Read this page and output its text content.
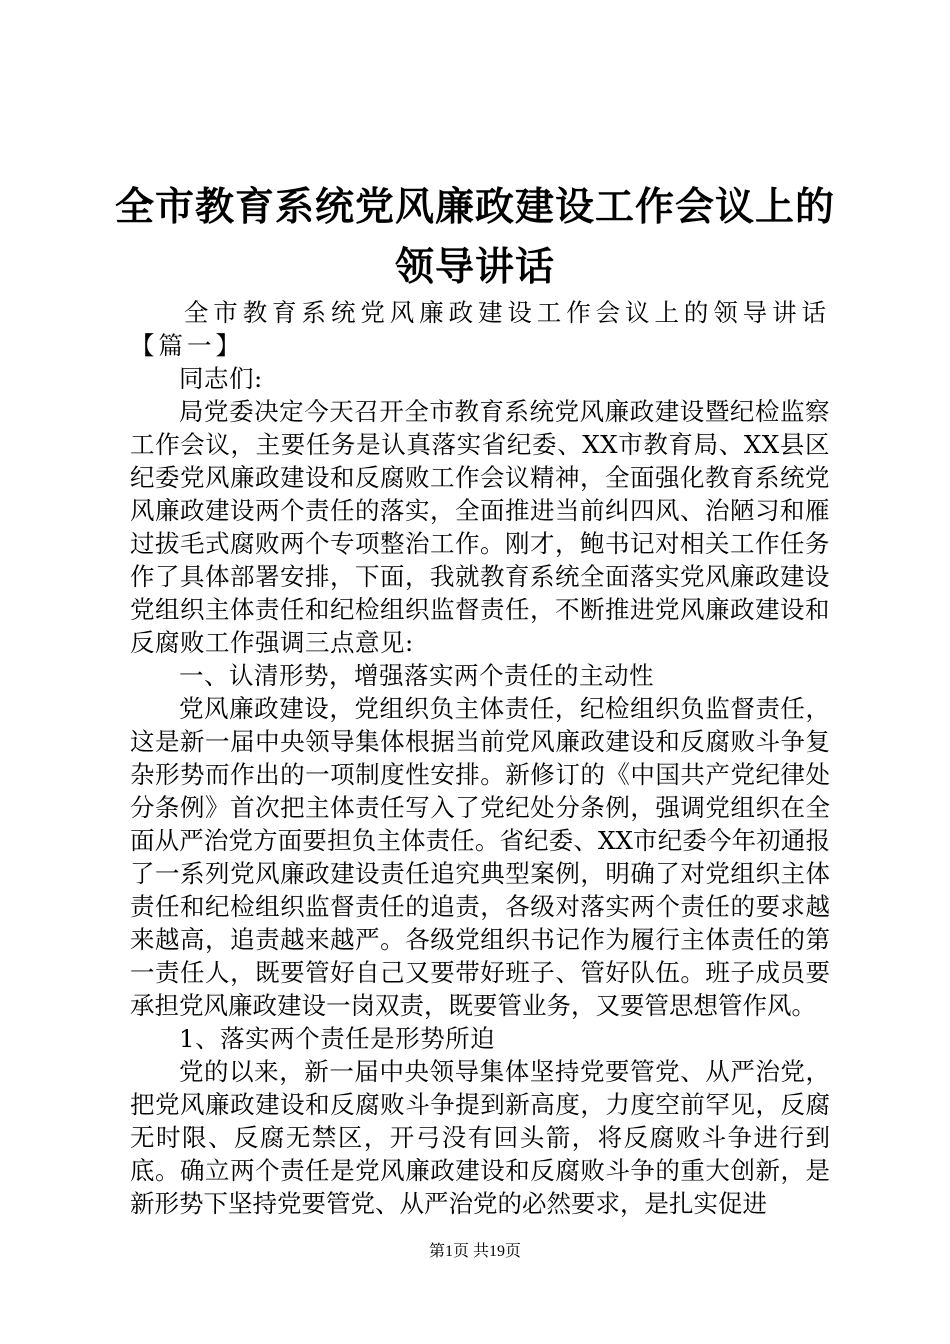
全市教育系统党风廉政建设工作会议上的领导讲话

全市教育系统党风廉政建设工作会议上的领导讲话【篇一】

同志们:

局党委决定今天召开全市教育系统党风廉政建设暨纪检监察工作会议，主要任务是认真落实省纪委、XX市教育局、XX县区纪委党风廉政建设和反腐败工作会议精神，全面强化教育系统党风廉政建设两个责任的落实，全面推进当前纠四风、治陋习和雁过拔毛式腐败两个专项整治工作。刚才，鲍书记对相关工作任务作了具体部署安排，下面，我就教育系统全面落实党风廉政建设党组织主体责任和纪检组织监督责任，不断推进党风廉政建设和反腐败工作强调三点意见:

一、认清形势，增强落实两个责任的主动性

党风廉政建设，党组织负主体责任，纪检组织负监督责任，这是新一届中央领导集体根据当前党风廉政建设和反腐败斗争复杂形势而作出的一项制度性安排。新修订的《中国共产党纪律处分条例》首次把主体责任写入了党纪处分条例，强调党组织在全面从严治党方面要担负主体责任。省纪委、XX市纪委今年初通报了一系列党风廉政建设责任追究典型案例，明确了对党组织主体责任和纪检组织监督责任的追责，各级对落实两个责任的要求越来越高，追责越来越严。各级党组织书记作为履行主体责任的第一责任人，既要管好自己又要带好班子、管好队伍。班子成员要承担党风廉政建设一岗双责，既要管业务，又要管思想管作风。

1、落实两个责任是形势所迫

党的以来，新一届中央领导集体坚持党要管党、从严治党，把党风廉政建设和反腐败斗争提到新高度，力度空前罕见，反腐无时限、反腐无禁区，开弓没有回头箭，将反腐败斗争进行到底。确立两个责任是党风廉政建设和反腐败斗争的重大创新，是新形势下坚持党要管党、从严治党的必然要求，是扎实促进

第1页 共19页
